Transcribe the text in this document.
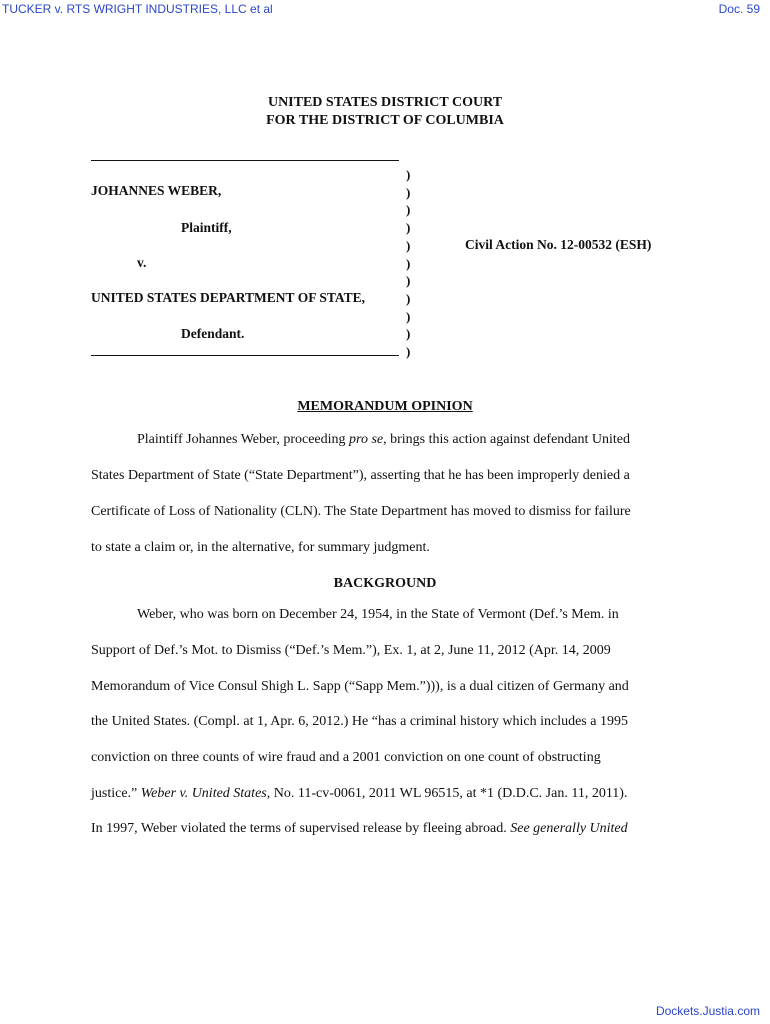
TUCKER v. RTS WRIGHT INDUSTRIES, LLC et al	Doc. 59
UNITED STATES DISTRICT COURT
FOR THE DISTRICT OF COLUMBIA
JOHANNES WEBER,
Plaintiff,
v.
UNITED STATES DEPARTMENT OF STATE,
Defendant.
Civil Action No. 12-00532 (ESH)
)
)
)
)
)
)
)
)
)
)
)
MEMORANDUM OPINION
Plaintiff Johannes Weber, proceeding pro se, brings this action against defendant United
States Department of State (“State Department”), asserting that he has been improperly denied a
Certificate of Loss of Nationality (CLN). The State Department has moved to dismiss for failure
to state a claim or, in the alternative, for summary judgment.
BACKGROUND
Weber, who was born on December 24, 1954, in the State of Vermont (Def.’s Mem. in
Support of Def.’s Mot. to Dismiss (“Def.’s Mem.”), Ex. 1, at 2, June 11, 2012 (Apr. 14, 2009
Memorandum of Vice Consul Shigh L. Sapp (“Sapp Mem.”))), is a dual citizen of Germany and
the United States. (Compl. at 1, Apr. 6, 2012.) He “has a criminal history which includes a 1995
conviction on three counts of wire fraud and a 2001 conviction on one count of obstructing
justice.” Weber v. United States, No. 11-cv-0061, 2011 WL 96515, at *1 (D.D.C. Jan. 11, 2011).
In 1997, Weber violated the terms of supervised release by fleeing abroad. See generally United
Dockets.Justia.com
